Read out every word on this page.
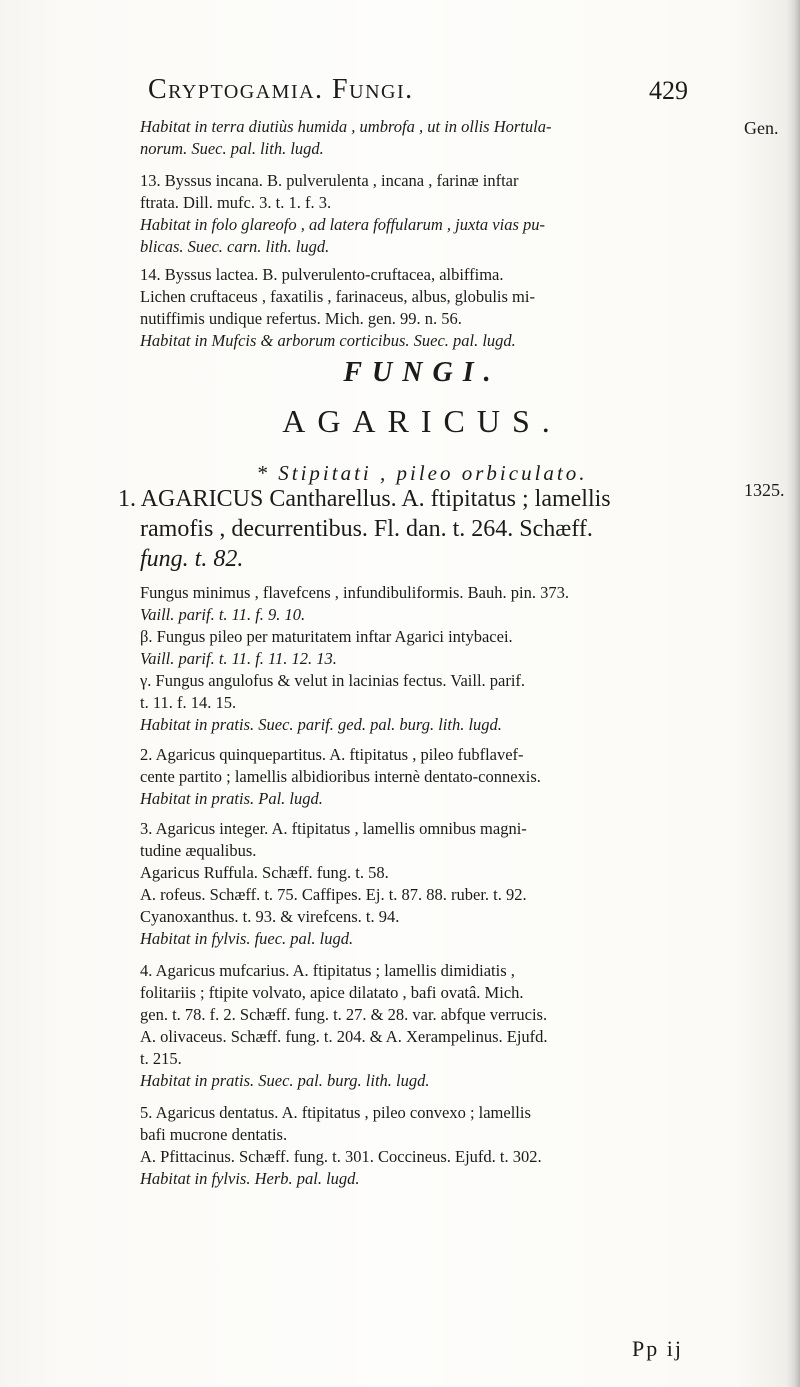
Cryptogamia. Fungi.	429
Gen.
1325.
Habitat in terra diutiùs humida , umbrofa , ut in ollis Hortula-
norum. Suec. pal. lith. lugd.
13. Byssus incana. B. pulverulenta , incana , farinæ inftar
ftrata. Dill. mufc. 3. t. 1. f. 3.
Habitat in folo glareofo , ad latera foffularum , juxta vias pu-
blicas. Suec. carn. lith. lugd.
14. Byssus lactea. B. pulverulento-cruftacea, albiffima.
Lichen cruftaceus , faxatilis , farinaceus, albus, globulis mi-
nutiffimis undique refertus. Mich. gen. 99. n. 56.
Habitat in Mufcis & arborum corticibus. Suec. pal. lugd.
FUNGI.
AGARICUS.
* Stipitati , pileo orbiculato.
1. AGARICUS Cantharellus. A. ftipitatus ; lamellis
ramofis , decurrentibus. Fl. dan. t. 264. Schæff.
fung. t. 82.
Fungus minimus , flavefcens , infundibuliformis. Bauh. pin. 373.
Vaill. parif. t. 11. f. 9. 10.
β. Fungus pileo per maturitatem inftar Agarici intybacei.
Vaill. parif. t. 11. f. 11. 12. 13.
γ. Fungus angulofus & velut in lacinias fectus. Vaill. parif.
t. 11. f. 14. 15.
Habitat in pratis. Suec. parif. ged. pal. burg. lith. lugd.
2. Agaricus quinquepartitus. A. ftipitatus , pileo fubflavef-
cente partito ; lamellis albidioribus internè dentato-connexis.
Habitat in pratis. Pal. lugd.
3. Agaricus integer. A. ftipitatus , lamellis omnibus magni-
tudine æqualibus.
Agaricus Ruffula. Schæff. fung. t. 58.
A. rofeus. Schæff. t. 75. Caffipes. Ej. t. 87. 88. ruber. t. 92.
Cyanoxanthus. t. 93. & virefcens. t. 94.
Habitat in fylvis. fuec. pal. lugd.
4. Agaricus mufcarius. A. ftipitatus ; lamellis dimidiatis ,
folitariis ; ftipite volvato, apice dilatato , bafi ovatâ. Mich.
gen. t. 78. f. 2. Schæff. fung. t. 27. & 28. var. abfque verrucis.
A. olivaceus. Schæff. fung. t. 204. & A. Xerampelinus. Ejufd.
t. 215.
Habitat in pratis. Suec. pal. burg. lith. lugd.
5. Agaricus dentatus. A. ftipitatus , pileo convexo ; lamellis
bafi mucrone dentatis.
A. Pfittacinus. Schæff. fung. t. 301. Coccineus. Ejufd. t. 302.
Habitat in fylvis. Herb. pal. lugd.
Pp ij
